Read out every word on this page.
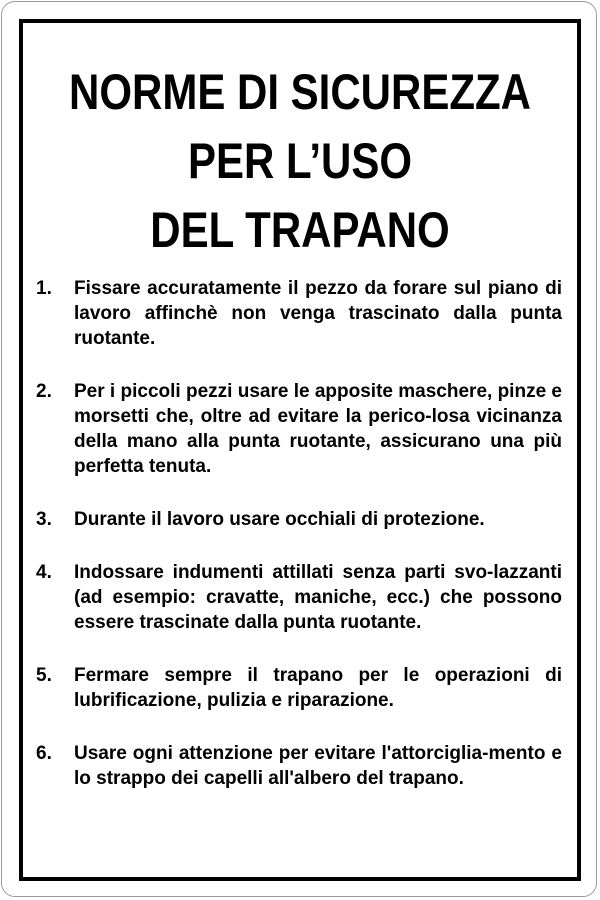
NORME DI SICUREZZA
PER L’USO
DEL TRAPANO
1.	Fissare accuratamente il pezzo da forare sul piano di lavoro affinchè non venga trascinato dalla punta ruotante.
2.	Per i piccoli pezzi usare le apposite maschere, pinze e morsetti che, oltre ad evitare la perico-losa vicinanza della mano alla punta ruotante, assicurano una più perfetta tenuta.
3.	Durante il lavoro usare occhiali di protezione.
4.	Indossare indumenti attillati senza parti svo-lazzanti (ad esempio: cravatte, maniche, ecc.) che possono essere trascinate dalla punta ruotante.
5.	Fermare sempre il trapano per le operazioni di lubrificazione, pulizia e riparazione.
6.	Usare ogni attenzione per evitare l'attorciglia-mento e lo strappo dei capelli all'albero del trapano.
